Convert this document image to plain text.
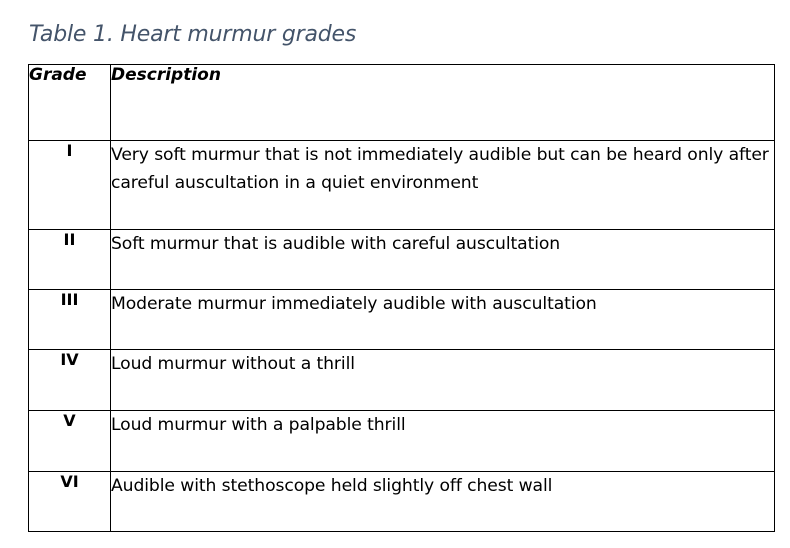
Table 1. Heart murmur grades
Grade	Description
I	Very soft murmur that is not immediately audible but can be heard only after careful auscultation in a quiet environment
II	Soft murmur that is audible with careful auscultation
III	Moderate murmur immediately audible with auscultation
IV	Loud murmur without a thrill
V	Loud murmur with a palpable thrill
VI	Audible with stethoscope held slightly off chest wall
